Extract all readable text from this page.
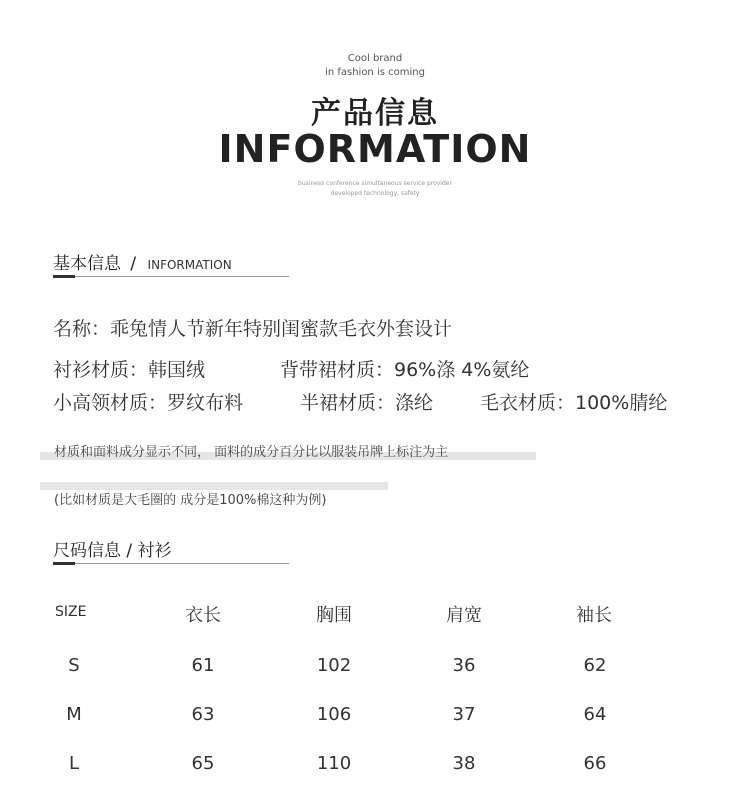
Cool brand
in fashion is coming
产品信息
INFORMATION
business conference simultaneous service provider
developed technology, safety
基本信息 / INFORMATION
名称：乖兔情人节新年特别闺蜜款毛衣外套设计
衬衫材质：韩国绒	背带裙材质：96%涤 4%氨纶
小高领材质：罗纹布料	半裙材质：涤纶 毛衣材质：100%腈纶
材质和面料成分显示不同， 面料的成分百分比以服装吊牌上标注为主
(比如材质是大毛圈的 成分是100%棉这种为例)
尺码信息 / 衬衫
SIZE	衣长	胸围	肩宽	袖长
S	61	102	36	62
M	63	106	37	64
L	65	110	38	66
